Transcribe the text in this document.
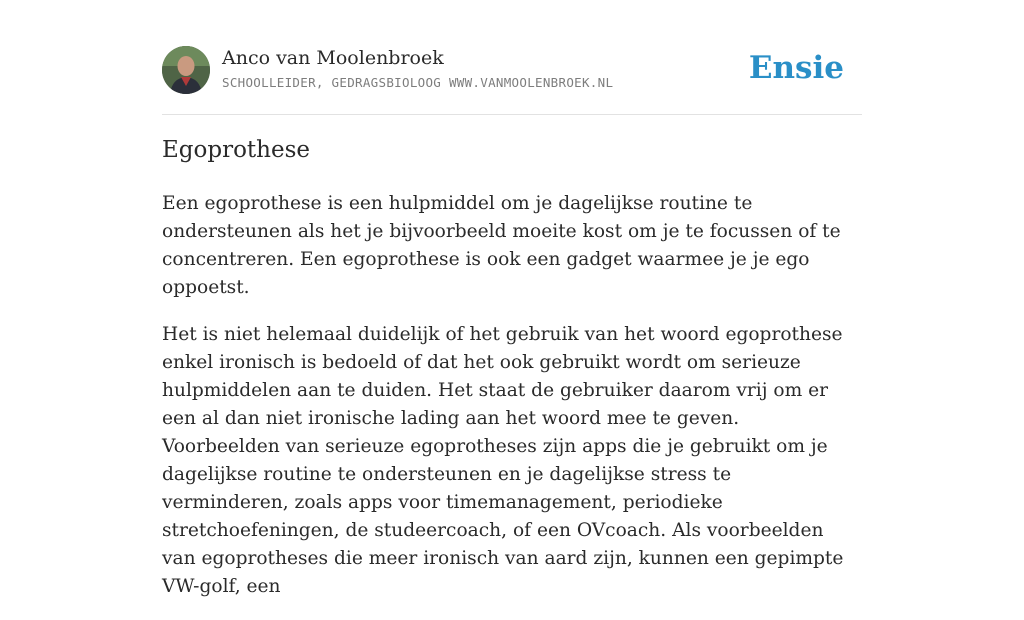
Anco van Moolenbroek
SCHOOLLEIDER, GEDRAGSBIOLOOG WWW.VANMOOLENBROEK.NL	Ensie
Egoprothese

Een egoprothese is een hulpmiddel om je dagelijkse routine te ondersteunen als het je bijvoorbeeld moeite kost om je te focussen of te concentreren. Een egoprothese is ook een gadget waarmee je je ego oppoetst.

Het is niet helemaal duidelijk of het gebruik van het woord egoprothese enkel ironisch is bedoeld of dat het ook gebruikt wordt om serieuze hulpmiddelen aan te duiden. Het staat de gebruiker daarom vrij om er een al dan niet ironische lading aan het woord mee te geven. Voorbeelden van serieuze egoprotheses zijn apps die je gebruikt om je dagelijkse routine te ondersteunen en je dagelijkse stress te verminderen, zoals apps voor timemanagement, periodieke stretchoefeningen, de studeercoach, of een OVcoach. Als voorbeelden van egoprotheses die meer ironisch van aard zijn, kunnen een gepimpte VW-golf, een
